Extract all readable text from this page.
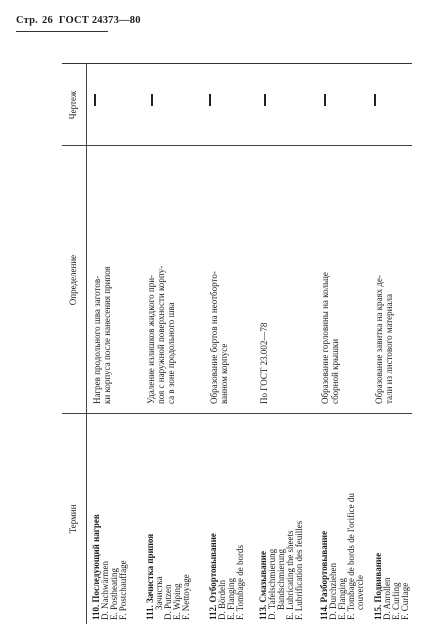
Стр. 26 ГОСТ 24373—80
Термин
Определение
Чертеж
110. Последующий нагрев D. Nachwärmen E. Postheating F. Postchauffage
Нагрев продольного шва заготов- ки корпуса после нанесения припоя
111. Зачистка припоя Зачистка D. Putzen E. Wiping F. Nettoyage
Удаление излишков жидкого при- поя с наружной поверхности корпу- са в зоне продольного шва
112. Отбортовывание D. Bördeln E. Flanging F. Tombage de bords
Образование бортов на неотборто- ванном корпусе
113. Смазывание D. Tafelschmierung Bandschmierung E. Lubricating the sheets F. Lubrification des feuilles
По ГОСТ 23.002—78
114. Разбортовывание D. Durchziehen E. Flanging F. Tombage de bords de l'orifice du couvercle
Образование горловины на кольце сборной крышки
115. Подвивание D. Anrollen E. Curling F. Curlage
Образование завитка на краях де- тали из листового материала
